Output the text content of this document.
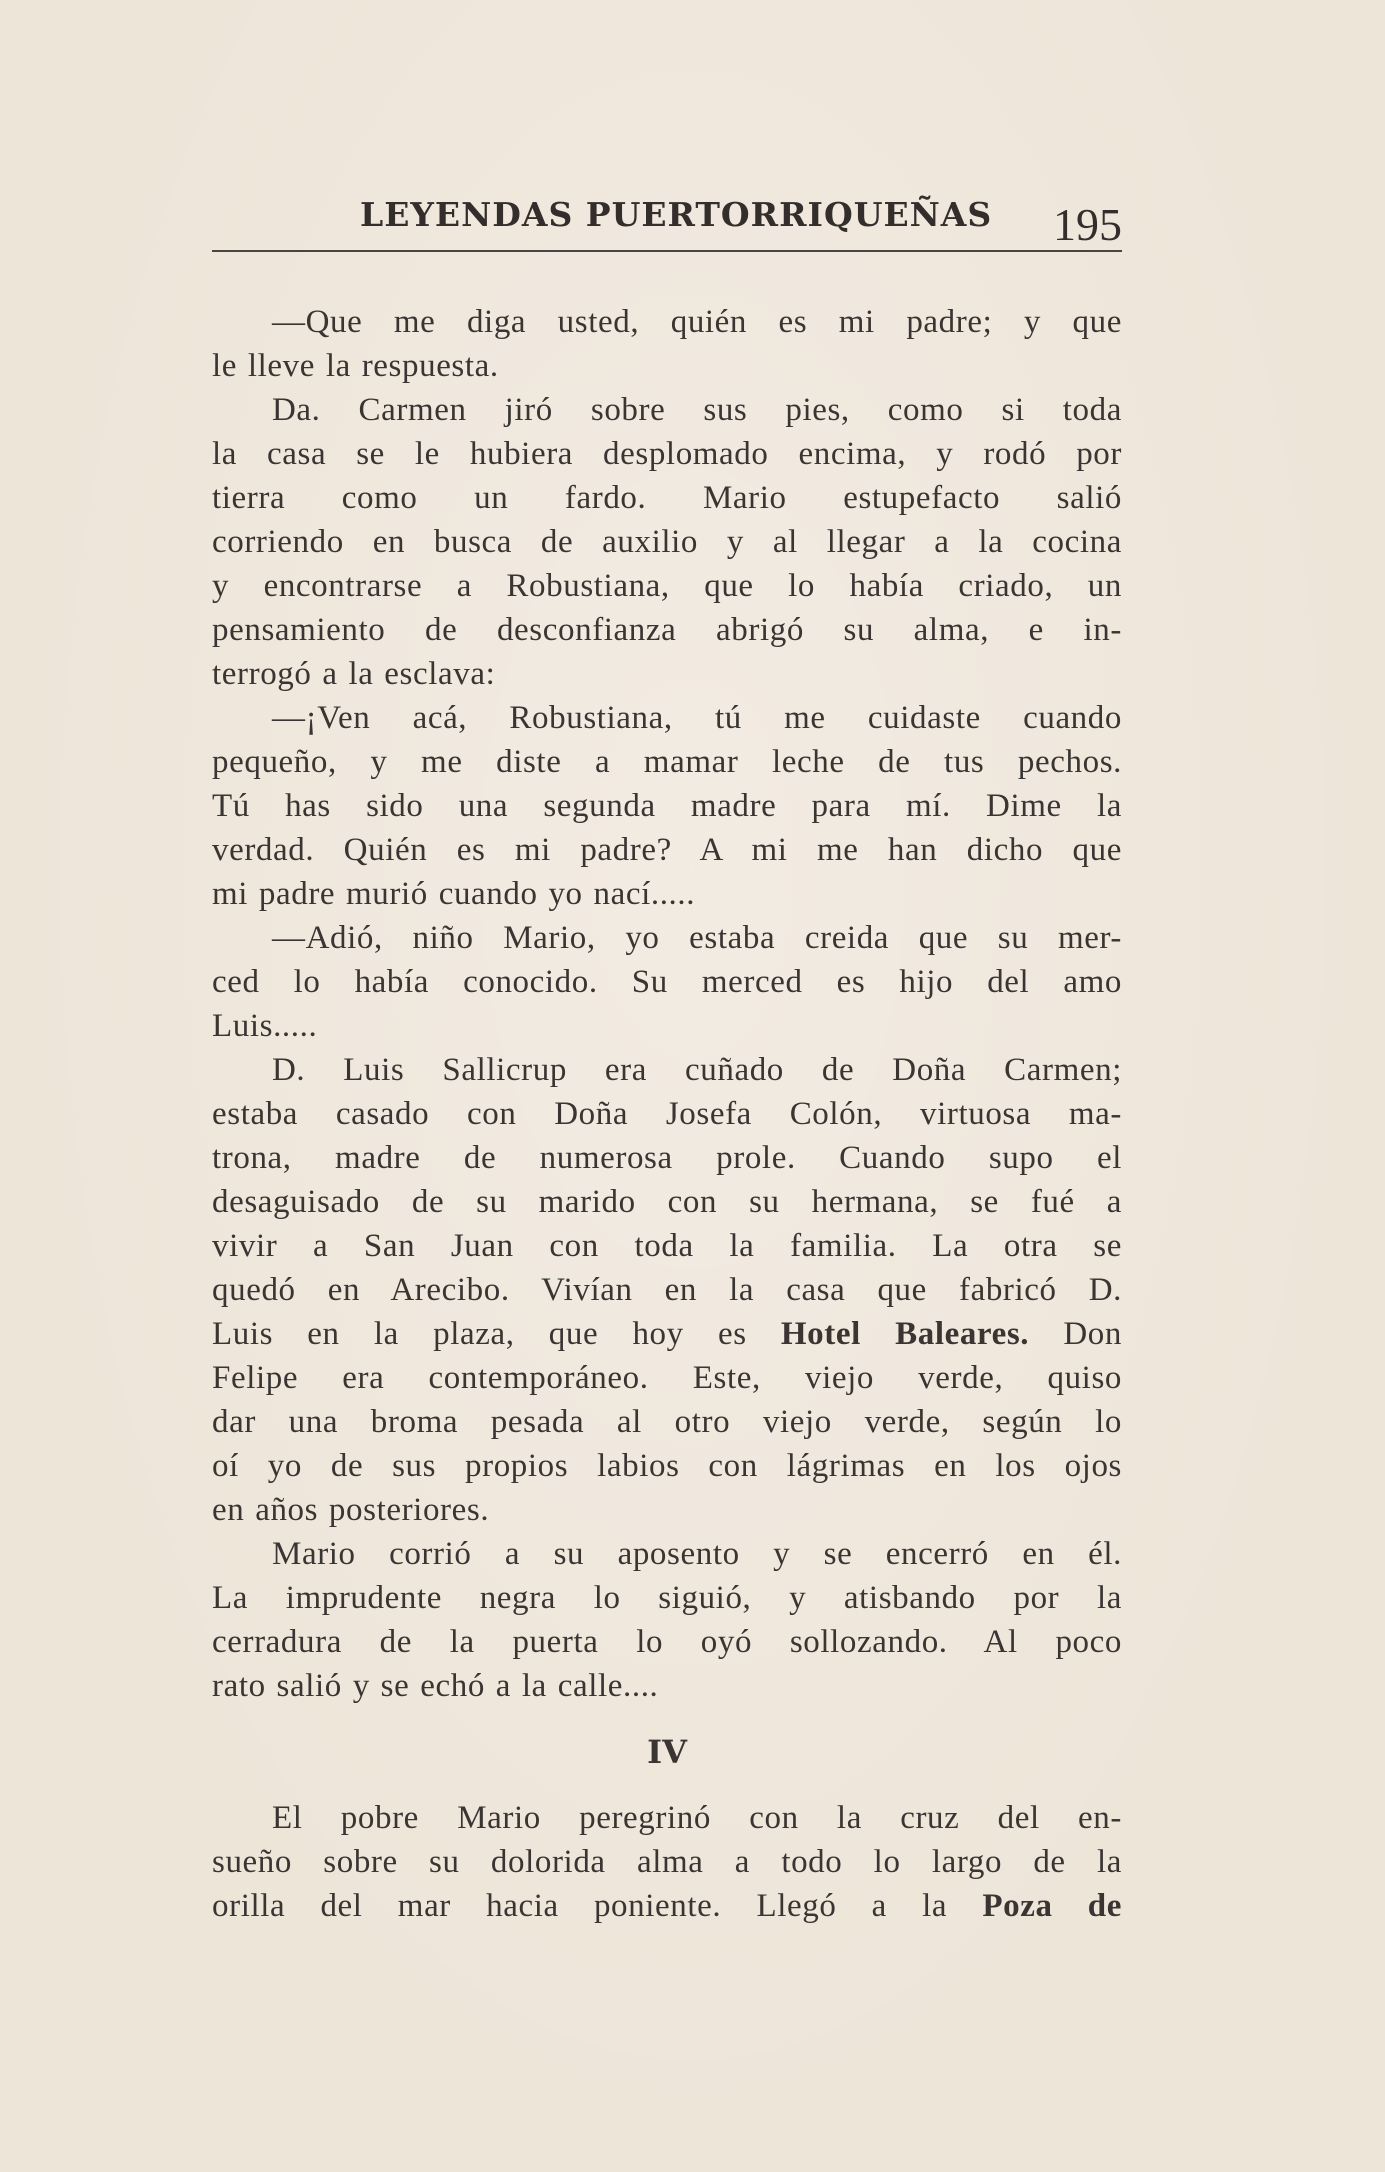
LEYENDAS PUERTORRIQUEÑAS 195
—Que me diga usted, quién es mi padre; y que
le lleve la respuesta.
Da. Carmen jiró sobre sus pies, como si toda
la casa se le hubiera desplomado encima, y rodó por
tierra como un fardo. Mario estupefacto salió
corriendo en busca de auxilio y al llegar a la cocina
y encontrarse a Robustiana, que lo había criado, un
pensamiento de desconfianza abrigó su alma, e in-
terrogó a la esclava:
—¡Ven acá, Robustiana, tú me cuidaste cuando
pequeño, y me diste a mamar leche de tus pechos.
Tú has sido una segunda madre para mí. Dime la
verdad. Quién es mi padre? A mi me han dicho que
mi padre murió cuando yo nací.....
—Adió, niño Mario, yo estaba creida que su mer-
ced lo había conocido. Su merced es hijo del amo
Luis.....
D. Luis Sallicrup era cuñado de Doña Carmen;
estaba casado con Doña Josefa Colón, virtuosa ma-
trona, madre de numerosa prole. Cuando supo el
desaguisado de su marido con su hermana, se fué a
vivir a San Juan con toda la familia. La otra se
quedó en Arecibo. Vivían en la casa que fabricó D.
Luis en la plaza, que hoy es Hotel Baleares. Don
Felipe era contemporáneo. Este, viejo verde, quiso
dar una broma pesada al otro viejo verde, según lo
oí yo de sus propios labios con lágrimas en los ojos
en años posteriores.
Mario corrió a su aposento y se encerró en él.
La imprudente negra lo siguió, y atisbando por la
cerradura de la puerta lo oyó sollozando. Al poco
rato salió y se echó a la calle....
IV
El pobre Mario peregrinó con la cruz del en-
sueño sobre su dolorida alma a todo lo largo de la
orilla del mar hacia poniente. Llegó a la Poza de
